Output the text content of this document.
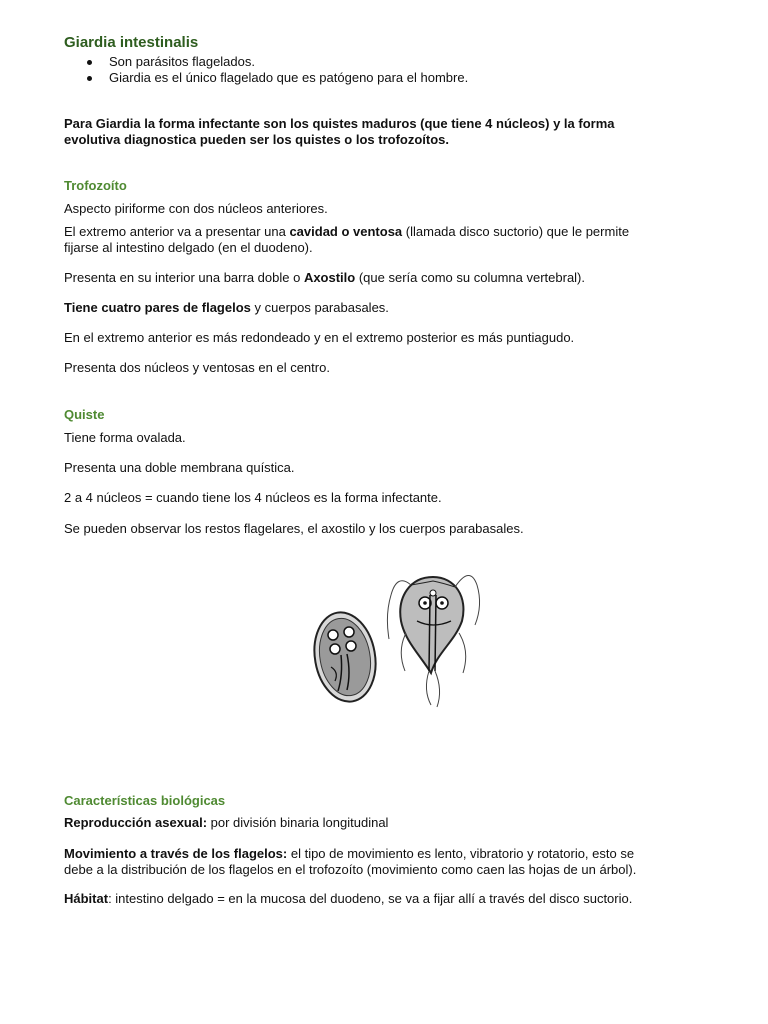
Giardia intestinalis
Son parásitos flagelados.
Giardia es el único flagelado que es patógeno para el hombre.

Para Giardia la forma infectante son los quistes maduros (que tiene 4 núcleos) y la forma
evolutiva diagnostica pueden ser los quistes o los trofozoítos.

Trofozoíto

Aspecto piriforme con dos núcleos anteriores.

El extremo anterior va a presentar una cavidad o ventosa (llamada disco suctorio) que le permite
fijarse al intestino delgado (en el duodeno).

Presenta en su interior una barra doble o Axostilo (que sería como su columna vertebral).

Tiene cuatro pares de flagelos y cuerpos parabasales.

En el extremo anterior es más redondeado y en el extremo posterior es más puntiagudo.

Presenta dos núcleos y ventosas en el centro.

Quiste

Tiene forma ovalada.

Presenta una doble membrana quística.

2 a 4 núcleos = cuando tiene los 4 núcleos es la forma infectante.

Se pueden observar los restos flagelares, el axostilo y los cuerpos parabasales.

Características biológicas

Reproducción asexual: por división binaria longitudinal

Movimiento a través de los flagelos: el tipo de movimiento es lento, vibratorio y rotatorio, esto se
debe a la distribución de los flagelos en el trofozoíto (movimiento como caen las hojas de un árbol).

Hábitat: intestino delgado = en la mucosa del duodeno, se va a fijar allí a través del disco suctorio.
